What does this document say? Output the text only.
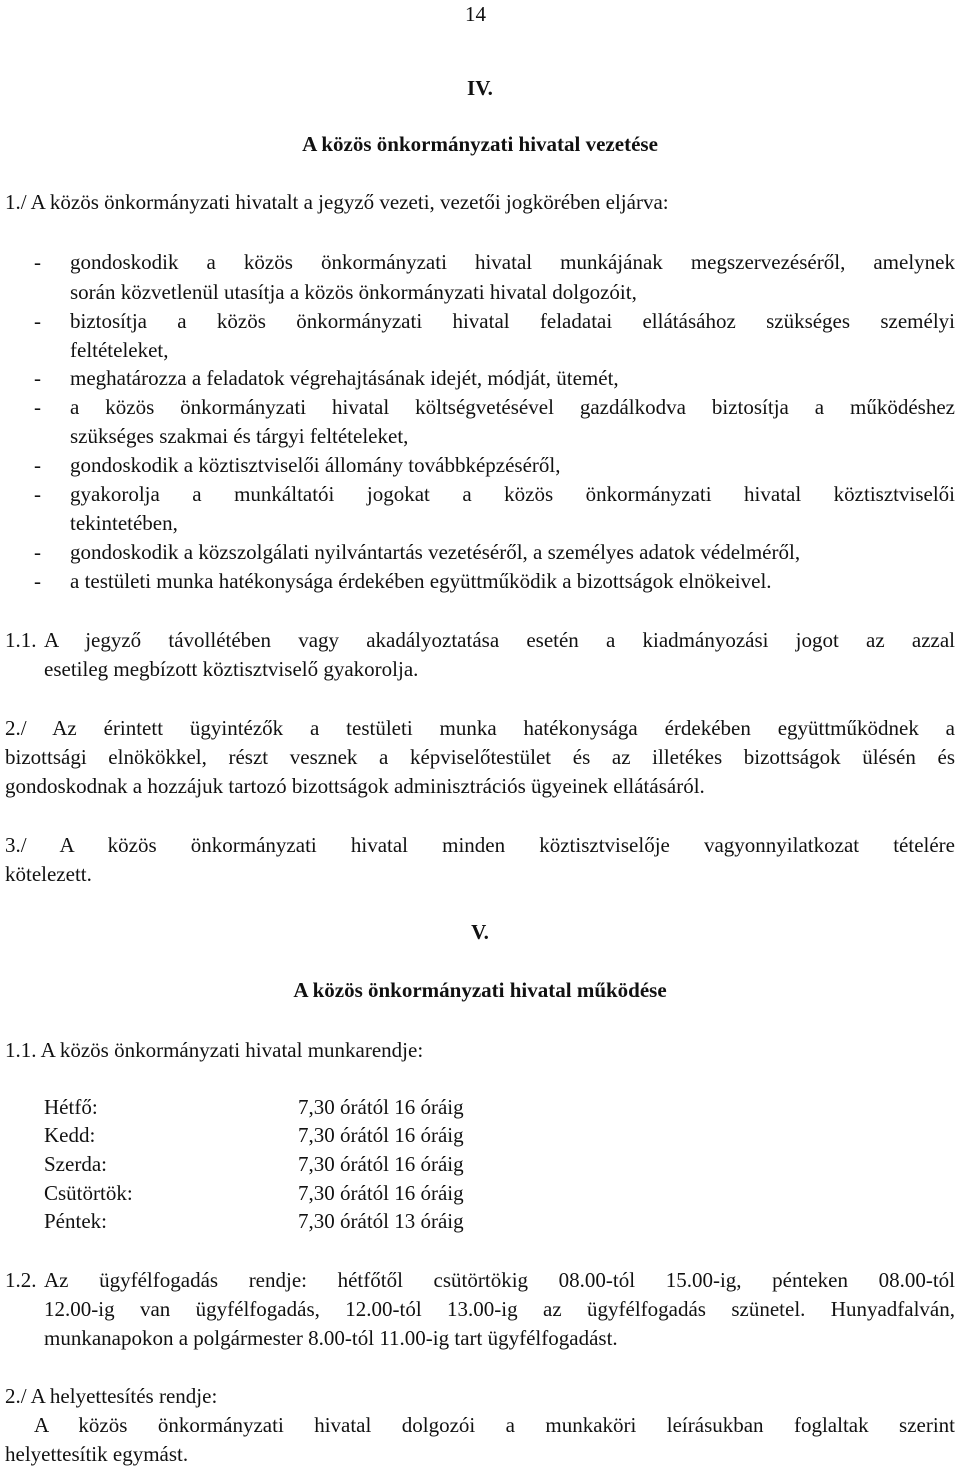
14
IV.
A közös önkormányzati hivatal vezetése
1./ A közös önkormányzati hivatalt a jegyző vezeti, vezetői jogkörében eljárva:
- gondoskodik a közös önkormányzati hivatal munkájának megszervezéséről, amelynek
során közvetlenül utasítja a közös önkormányzati hivatal dolgozóit,
- biztosítja a közös önkormányzati hivatal feladatai ellátásához szükséges személyi
feltételeket,
- meghatározza a feladatok végrehajtásának idejét, módját, ütemét,
- a közös önkormányzati hivatal költségvetésével gazdálkodva biztosítja a működéshez
szükséges szakmai és tárgyi feltételeket,
- gondoskodik a köztisztviselői állomány továbbképzéséről,
- gyakorolja a munkáltatói jogokat a közös önkormányzati hivatal köztisztviselői
tekintetében,
- gondoskodik a közszolgálati nyilvántartás vezetéséről, a személyes adatok védelméről,
- a testületi munka hatékonysága érdekében együttműködik a bizottságok elnökeivel.
1.1. A jegyző távollétében vagy akadályoztatása esetén a kiadmányozási jogot az azzal
esetileg megbízott köztisztviselő gyakorolja.
2./ Az érintett ügyintézők a testületi munka hatékonysága érdekében együttműködnek a
bizottsági elnökökkel, részt vesznek a képviselőtestület és az illetékes bizottságok ülésén és
gondoskodnak a hozzájuk tartozó bizottságok adminisztrációs ügyeinek ellátásáról.
3./ A közös önkormányzati hivatal minden köztisztviselője vagyonnyilatkozat tételére
kötelezett.
V.
A közös önkormányzati hivatal működése
1.1. A közös önkormányzati hivatal munkarendje:
Hétfő:	7,30 órától 16 óráig
Kedd:	7,30 órától 16 óráig
Szerda:	7,30 órától 16 óráig
Csütörtök:	7,30 órától 16 óráig
Péntek:	7,30 órától 13 óráig
1.2. Az ügyfélfogadás rendje: hétfőtől csütörtökig 08.00-tól 15.00-ig, pénteken 08.00-tól
12.00-ig van ügyfélfogadás, 12.00-tól 13.00-ig az ügyfélfogadás szünetel. Hunyadfalván,
munkanapokon a polgármester 8.00-tól 11.00-ig tart ügyfélfogadást.
2./ A helyettesítés rendje:
A közös önkormányzati hivatal dolgozói a munkaköri leírásukban foglaltak szerint
helyettesítik egymást.
